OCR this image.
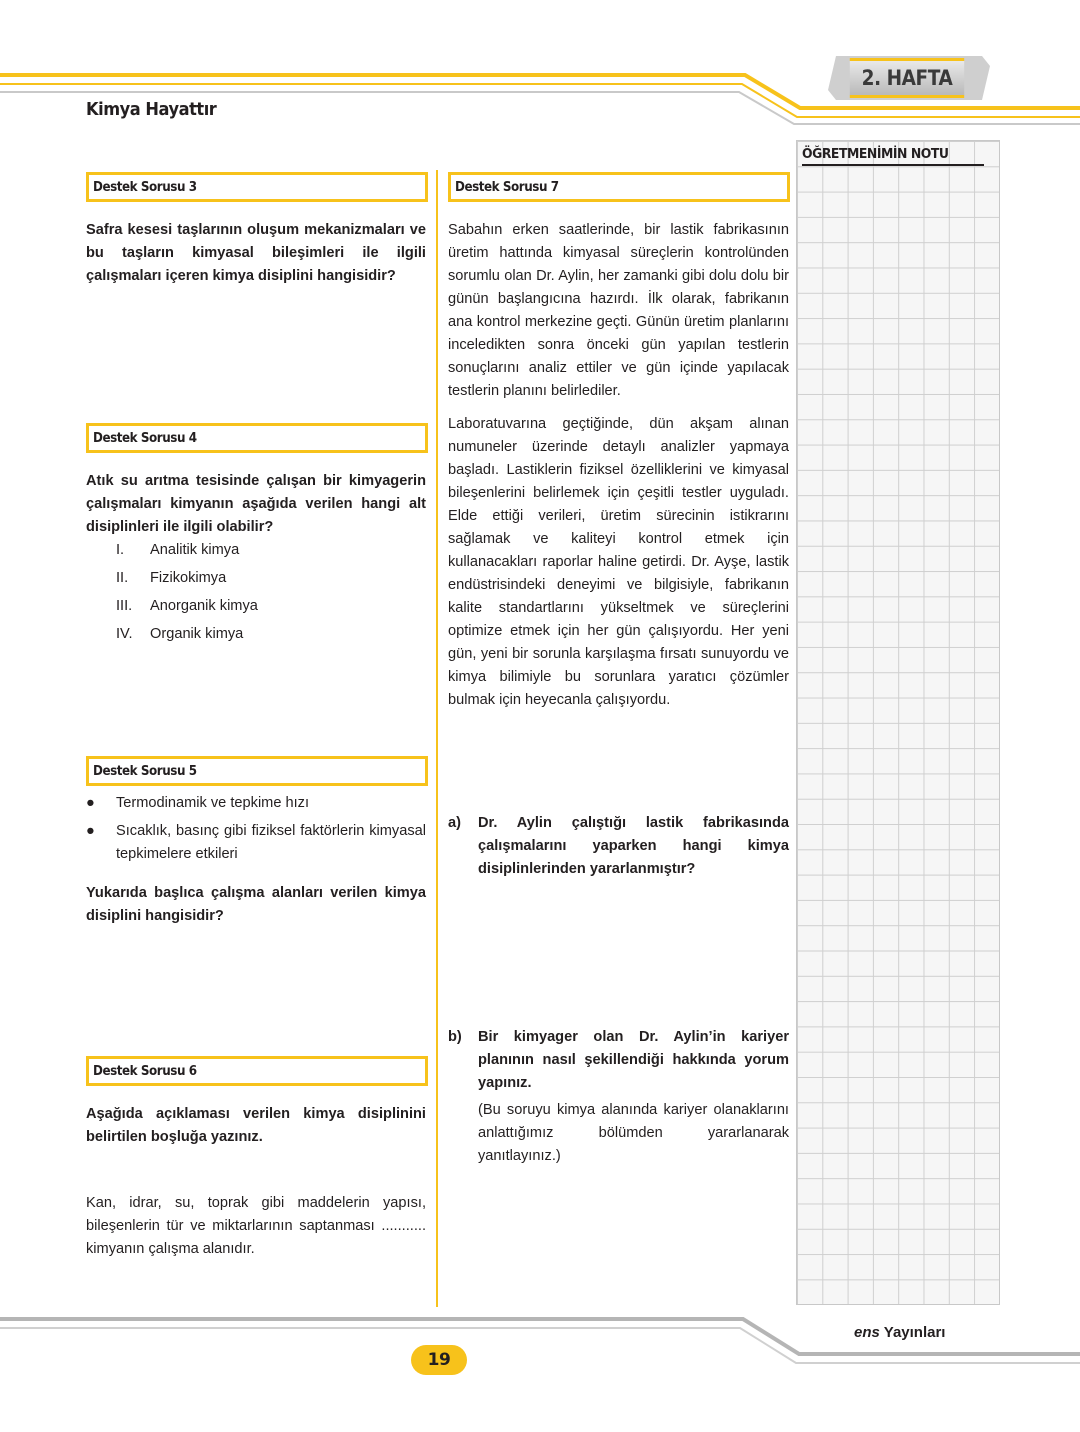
2. HAFTA
Kimya Hayattır
Destek Sorusu 3
Safra kesesi taşlarının oluşum mekanizmaları ve bu taşların kimyasal bileşimleri ile ilgili çalışmaları içeren kimya disiplini hangisidir?
Destek Sorusu 4
Atık su arıtma tesisinde çalışan bir kimyagerin çalışmaları kimyanın aşağıda verilen hangi alt disiplinleri ile ilgili olabilir?
I. Analitik kimya
II. Fizikokimya
III. Anorganik kimya
IV. Organik kimya
Destek Sorusu 5
● Termodinamik ve tepkime hızı
● Sıcaklık, basınç gibi fiziksel faktörlerin kimyasal tepkimelere etkileri
Yukarıda başlıca çalışma alanları verilen kimya disiplini hangisidir?
Destek Sorusu 6
Aşağıda açıklaması verilen kimya disiplinini belirtilen boşluğa yazınız.
Kan, idrar, su, toprak gibi maddelerin yapısı, bileşenlerin tür ve miktarlarının saptanması ........... kimyanın çalışma alanıdır.
Destek Sorusu 7
Sabahın erken saatlerinde, bir lastik fabrikasının üretim hattında kimyasal süreçlerin kontrolünden sorumlu olan Dr. Aylin, her zamanki gibi dolu dolu bir günün başlangıcına hazırdı. İlk olarak, fabrikanın ana kontrol merkezine geçti. Günün üretim planlarını inceledikten sonra önceki gün yapılan testlerin sonuçlarını analiz ettiler ve gün içinde yapılacak testlerin planını belirlediler.
Laboratuvarına geçtiğinde, dün akşam alınan numuneler üzerinde detaylı analizler yapmaya başladı. Lastiklerin fiziksel özelliklerini ve kimyasal bileşenlerini belirlemek için çeşitli testler uyguladı. Elde ettiği verileri, üretim sürecinin istikrarını sağlamak ve kaliteyi kontrol etmek için kullanacakları raporlar haline getirdi. Dr. Ayşe, lastik endüstrisindeki deneyimi ve bilgisiyle, fabrikanın kalite standartlarını yükseltmek ve süreçlerini optimize etmek için her gün çalışıyordu. Her yeni gün, yeni bir sorunla karşılaşma fırsatı sunuyordu ve kimya bilimiyle bu sorunlara yaratıcı çözümler bulmak için heyecanla çalışıyordu.
a) Dr. Aylin çalıştığı lastik fabrikasında çalışmalarını yaparken hangi kimya disiplinlerinden yararlanmıştır?
b) Bir kimyager olan Dr. Aylin’in kariyer planının nasıl şekillendiği hakkında yorum yapınız.
(Bu soruyu kimya alanında kariyer olanaklarını anlattığımız bölümden yararlanarak yanıtlayınız.)
ÖĞRETMENİMİN NOTU
ens Yayınları
19
